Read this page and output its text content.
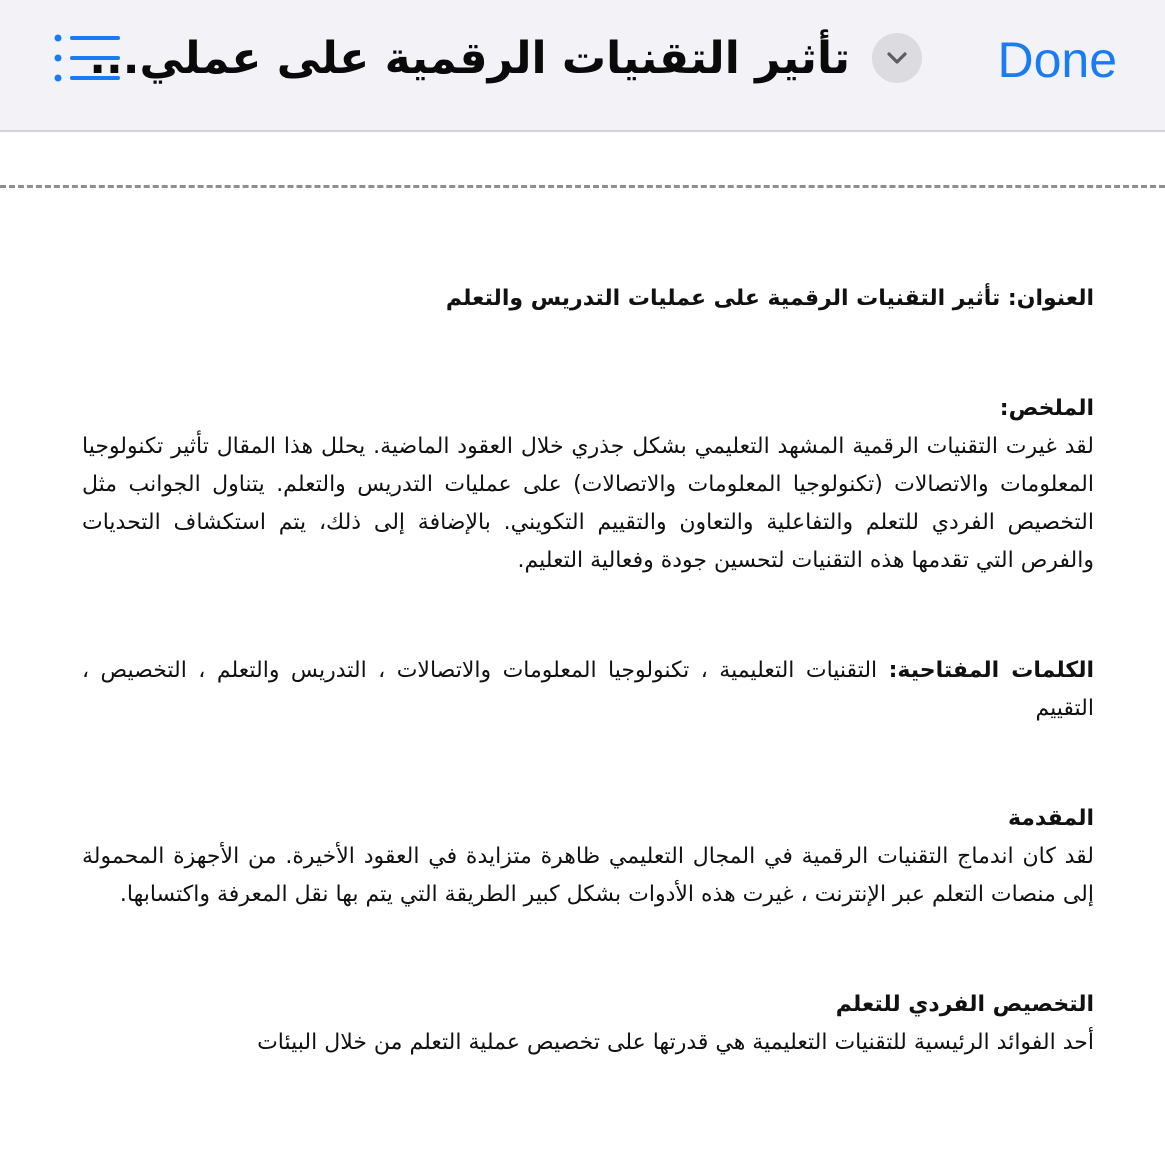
تأثير التقنيات الرقمية على عملي...	Done

العنوان: تأثير التقنيات الرقمية على عمليات التدريس والتعلم

الملخص:

لقد غيرت التقنيات الرقمية المشهد التعليمي بشكل جذري خلال العقود الماضية. يحلل هذا المقال تأثير تكنولوجيا المعلومات والاتصالات (تكنولوجيا المعلومات والاتصالات) على عمليات التدريس والتعلم. يتناول الجوانب مثل التخصيص الفردي للتعلم والتفاعلية والتعاون والتقييم التكويني. بالإضافة إلى ذلك، يتم استكشاف التحديات والفرص التي تقدمها هذه التقنيات لتحسين جودة وفعالية التعليم.

الكلمات المفتاحية: التقنيات التعليمية ، تكنولوجيا المعلومات والاتصالات ، التدريس والتعلم ، التخصيص ، التقييم

المقدمة

لقد كان اندماج التقنيات الرقمية في المجال التعليمي ظاهرة متزايدة في العقود الأخيرة. من الأجهزة المحمولة إلى منصات التعلم عبر الإنترنت ، غيرت هذه الأدوات بشكل كبير الطريقة التي يتم بها نقل المعرفة واكتسابها.

التخصيص الفردي للتعلم

أحد الفوائد الرئيسية للتقنيات التعليمية هي قدرتها على تخصيص عملية التعلم من خلال البيئات
